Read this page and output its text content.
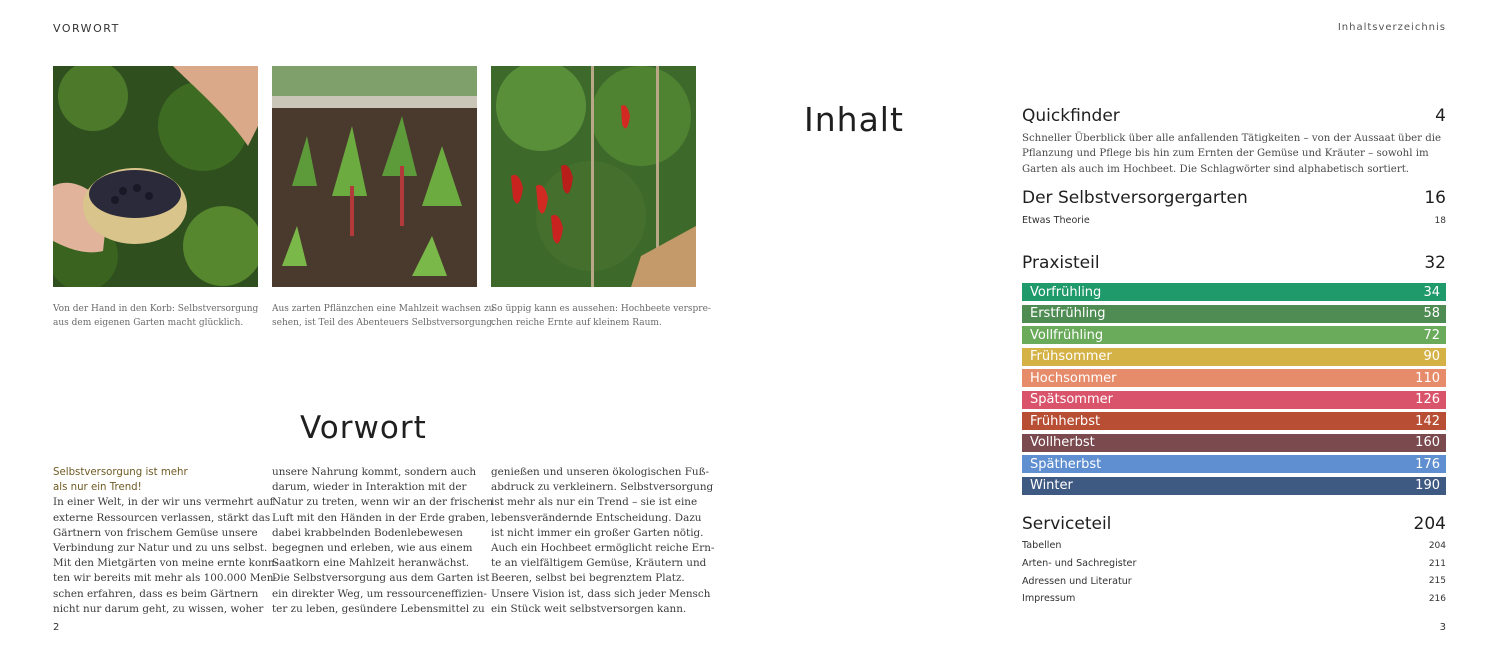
VORWORT
Von der Hand in den Korb: Selbstversorgung
aus dem eigenen Garten macht glücklich.
Aus zarten Pflänzchen eine Mahlzeit wachsen zu
sehen, ist Teil des Abenteuers Selbstversorgung.
So üppig kann es aussehen: Hochbeete verspre-
chen reiche Ernte auf kleinem Raum.
Vorwort
Selbstversorgung ist mehr
als nur ein Trend!
In einer Welt, in der wir uns vermehrt auf
externe Ressourcen verlassen, stärkt das
Gärtnern von frischem Gemüse unsere
Verbindung zur Natur und zu uns selbst.
Mit den Mietgärten von meine ernte konn-
ten wir bereits mit mehr als 100.000 Men-
schen erfahren, dass es beim Gärtnern
nicht nur darum geht, zu wissen, woher
unsere Nahrung kommt, sondern auch
darum, wieder in Interaktion mit der
Natur zu treten, wenn wir an der frischen
Luft mit den Händen in der Erde graben,
dabei krabbelnden Bodenlebewesen
begegnen und erleben, wie aus einem
Saatkorn eine Mahlzeit heranwächst.
Die Selbstversorgung aus dem Garten ist
ein direkter Weg, um ressourceneffizien-
ter zu leben, gesündere Lebensmittel zu
genießen und unseren ökologischen Fuß-
abdruck zu verkleinern. Selbstversorgung
ist mehr als nur ein Trend – sie ist eine
lebensverändernde Entscheidung. Dazu
ist nicht immer ein großer Garten nötig.
Auch ein Hochbeet ermöglicht reiche Ern-
te an vielfältigem Gemüse, Kräutern und
Beeren, selbst bei begrenztem Platz.
Unsere Vision ist, dass sich jeder Mensch
ein Stück weit selbstversorgen kann.
2
Inhaltsverzeichnis
Inhalt	Quickfinder	4
Schneller Überblick über alle anfallenden Tätigkeiten – von der Aussaat über die
Pflanzung und Pflege bis hin zum Ernten der Gemüse und Kräuter – sowohl im
Garten als auch im Hochbeet. Die Schlagwörter sind alphabetisch sortiert.
Der Selbstversorgergarten	16
Etwas Theorie	18
Praxisteil	32
Vorfrühling	34
Erstfrühling	58
Vollfrühling	72
Frühsommer	90
Hochsommer	110
Spätsommer	126
Frühherbst	142
Vollherbst	160
Spätherbst	176
Winter	190
Serviceteil	204
Tabellen	204
Arten- und Sachregister	211
Adressen und Literatur	215
Impressum	216
3
